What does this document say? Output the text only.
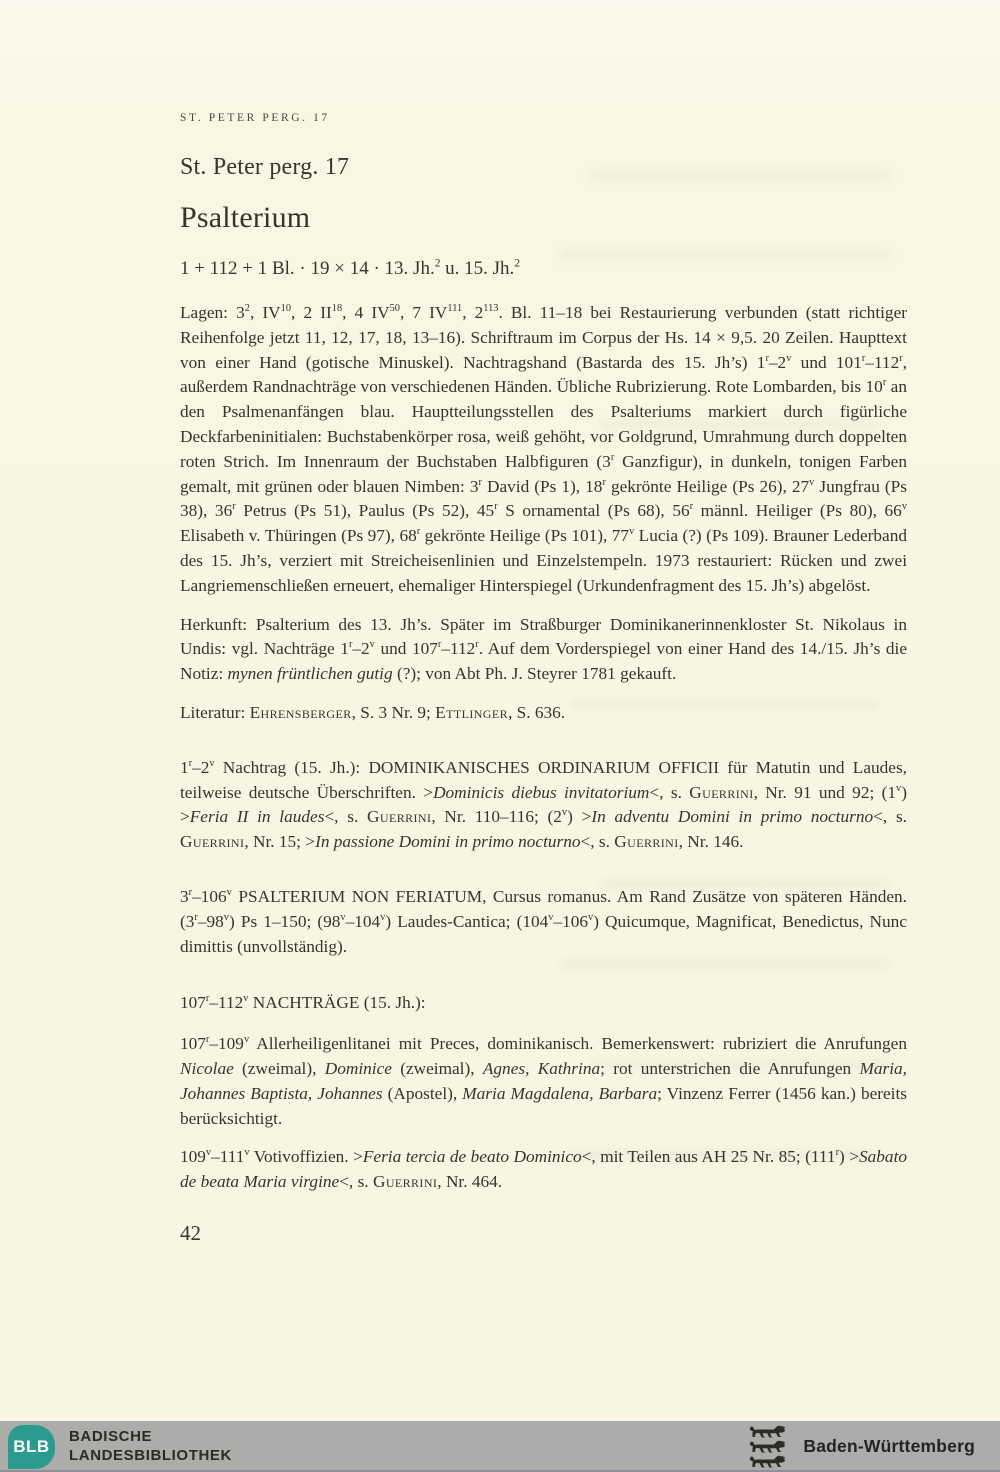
ST. PETER PERG. 17
St. Peter perg. 17
Psalterium
1 + 112 + 1 Bl. · 19 × 14 · 13. Jh.$^2$ u. 15. Jh.$^2$

Lagen: $3^2$, IV$^{10}$, 2 II$^{18}$, 4 IV$^{50}$, 7 IV$^{111}$, $2^{113}$. Bl. 11–18 bei Restaurierung verbunden (statt richtiger Reihenfolge jetzt 11, 12, 17, 18, 13–16). Schriftraum im Corpus der Hs. 14 × 9,5. 20 Zeilen. Haupttext von einer Hand (gotische Minuskel). Nachtragshand (Bastarda des 15. Jh’s) 1$^r$–2$^v$ und 101$^r$–112$^r$, außerdem Randnachträge von verschiedenen Händen. Übliche Rubrizierung. Rote Lombarden, bis 10$^r$ an den Psalmenanfängen blau. Hauptteilungsstellen des Psalteriums markiert durch figürliche Deckfarbeninitialen: Buchstabenkörper rosa, weiß gehöht, vor Goldgrund, Umrahmung durch doppelten roten Strich. Im Innenraum der Buchstaben Halbfiguren (3$^r$ Ganzfigur), in dunkeln, tonigen Farben gemalt, mit grünen oder blauen Nimben: 3$^r$ David (Ps 1), 18$^r$ gekrönte Heilige (Ps 26), 27$^v$ Jungfrau (Ps 38), 36$^r$ Petrus (Ps 51), Paulus (Ps 52), 45$^r$ S ornamental (Ps 68), 56$^r$ männl. Heiliger (Ps 80), 66$^v$ Elisabeth v. Thüringen (Ps 97), 68$^r$ gekrönte Heilige (Ps 101), 77$^v$ Lucia (?) (Ps 109). Brauner Lederband des 15. Jh’s, verziert mit Streicheisenlinien und Einzelstempeln. 1973 restauriert: Rücken und zwei Langriemenschließen erneuert, ehemaliger Hinterspiegel (Urkundenfragment des 15. Jh’s) abgelöst.

Herkunft: Psalterium des 13. Jh’s. Später im Straßburger Dominikanerinnenkloster St. Nikolaus in Undis: vgl. Nachträge 1$^r$–2$^v$ und 107$^r$–112$^r$. Auf dem Vorderspiegel von einer Hand des 14./15. Jh’s die Notiz: mynen früntlichen gutig (?); von Abt Ph. J. Steyrer 1781 gekauft.

Literatur: Ehrensberger, S. 3 Nr. 9; Ettlinger, S. 636.

1$^r$–2$^v$ Nachtrag (15. Jh.): DOMINIKANISCHES ORDINARIUM OFFICII für Matutin und Laudes, teilweise deutsche Überschriften. >Dominicis diebus invitatorium<, s. Guerrini, Nr. 91 und 92; $(1^v)$ >Feria II in laudes<, s. Guerrini, Nr. 110–116; $(2^v) >In$ adventu Domini in primo nocturno<, s. Guerrini, Nr. 15; >In passione Domini in primo nocturno<, s. Guerrini, Nr. 146.

3$^r$–106$^v$ PSALTERIUM NON FERIATUM, Cursus romanus. Am Rand Zusätze von späteren Händen. (3$^r$–98$^v$) Ps 1–150; (98$^v$–104$^v$) Laudes-Cantica; (104$^v$–106$^v$) Quicumque, Magnificat, Benedictus, Nunc dimittis (unvollständig).

107$^r$–112$^v$ NACHTRÄGE (15. Jh.):

107$^r$–109$^v$ Allerheiligenlitanei mit Preces, dominikanisch. Bemerkenswert: rubriziert die Anrufungen Nicolae (zweimal), Dominice (zweimal), Agnes, Kathrina; rot unterstrichen die Anrufungen Maria, Johannes Baptista, Johannes (Apostel), Maria Magdalena, Barbara; Vinzenz Ferrer (1456 kan.) bereits berücksichtigt.

109$^v$–111$^v$ Votivoffizien. >Feria tercia de beato Dominico<, mit Teilen aus AH 25 Nr. 85; $(111^r)$ >Sabato de beata Maria virgine<, s. Guerrini, Nr. 464.

42
BLB BADISCHE
LANDESBIBLIOTHEK	Baden-Württemberg
